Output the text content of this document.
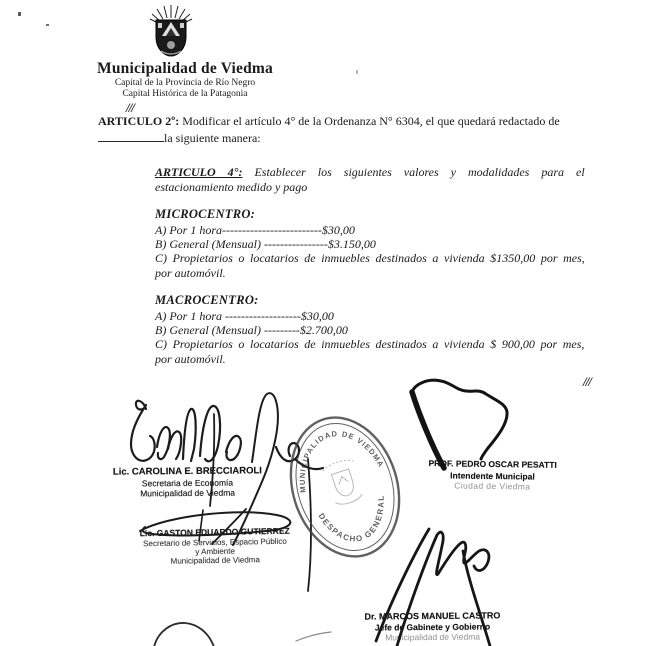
Municipalidad de Viedma
Capital de la Provincia de Río Negro
Capital Histórica de la Patagonia
///
ARTICULO 2º: Modificar el artículo 4° de la Ordenanza N° 6304, el que quedará redactado de
la siguiente manera:
ARTICULO 4°: Establecer los siguientes valores y modalidades para el
estacionamiento medido y pago
MICROCENTRO:
A) Por 1 hora-------------------------$30,00
B) General (Mensual) ----------------$3.150,00
C) Propietarios o locatarios de inmuebles destinados a vivienda $1350,00 por mes,
por automóvil.
MACROCENTRO:
A) Por 1 hora -------------------$30,00
B) General (Mensual) ---------$2.700,00
C) Propietarios o locatarios de inmuebles destinados a vivienda $ 900,00 por mes,
por automóvil.
///
Lic. CAROLINA E. BRECCIAROLI
Secretaria de Economía
Municipalidad de Viedma
PROF. PEDRO OSCAR PESATTI
Intendente Municipal
Ciudad de Viedma
Lic. GASTON EDUARDO GUTIERREZ
Secretario de Servicios, Espacio Público
y Ambiente
Municipalidad de Viedma
Dr. MARCOS MANUEL CASTRO
Jefe de Gabinete y Gobierno
Municipalidad de Viedma
MUNICIPALIDAD DE VIEDMA
DESPACHO GENERAL
